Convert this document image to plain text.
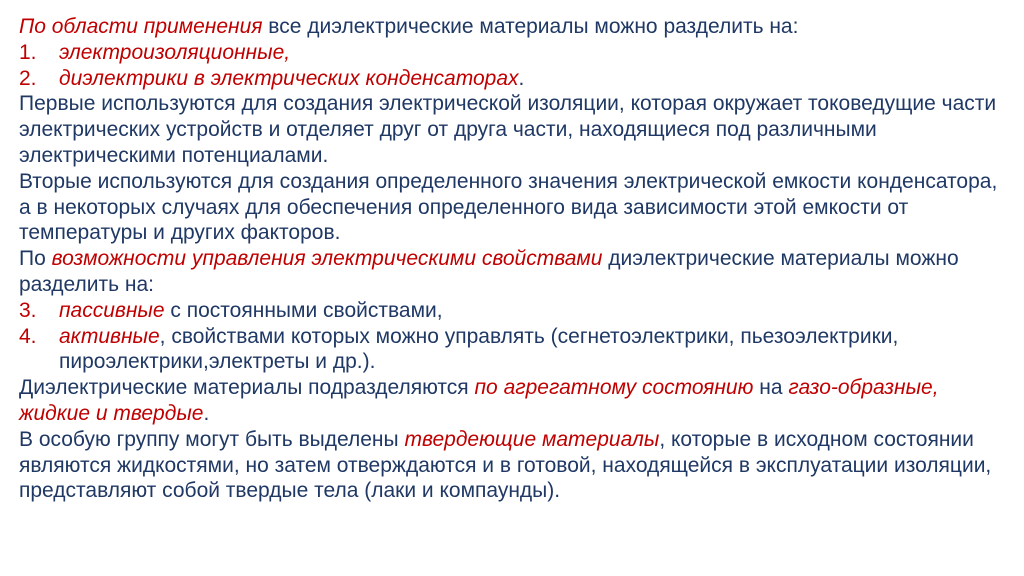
По области применения все диэлектрические материалы можно разделить на:

1. электроизоляционные,

2. диэлектрики в электрических конденсаторах.

Первые используются для создания электрической изоляции, которая окружает токоведущие части электрических устройств и отделяет друг от друга части, находящиеся под различными электрическими потенциалами.

Вторые используются для создания определенного значения электрической емкости конденсатора, а в некоторых случаях для обеспечения определенного вида зависимости этой емкости от температуры и других факторов.

По возможности управления электрическими свойствами диэлектрические материалы можно разделить на:

3. пассивные с постоянными свойствами,

4. активные, свойствами которых можно управлять (сегнетоэлектрики, пьезоэлектрики, пироэлектрики,электреты и др.).

Диэлектрические материалы подразделяются по агрегатному состоянию на газо-образные, жидкие и твердые.

В особую группу могут быть выделены твердеющие материалы, которые в исходном состоянии являются жидкостями, но затем отверждаются и в готовой, находящейся в эксплуатации изоляции, представляют собой твердые тела (лаки и компаунды).
